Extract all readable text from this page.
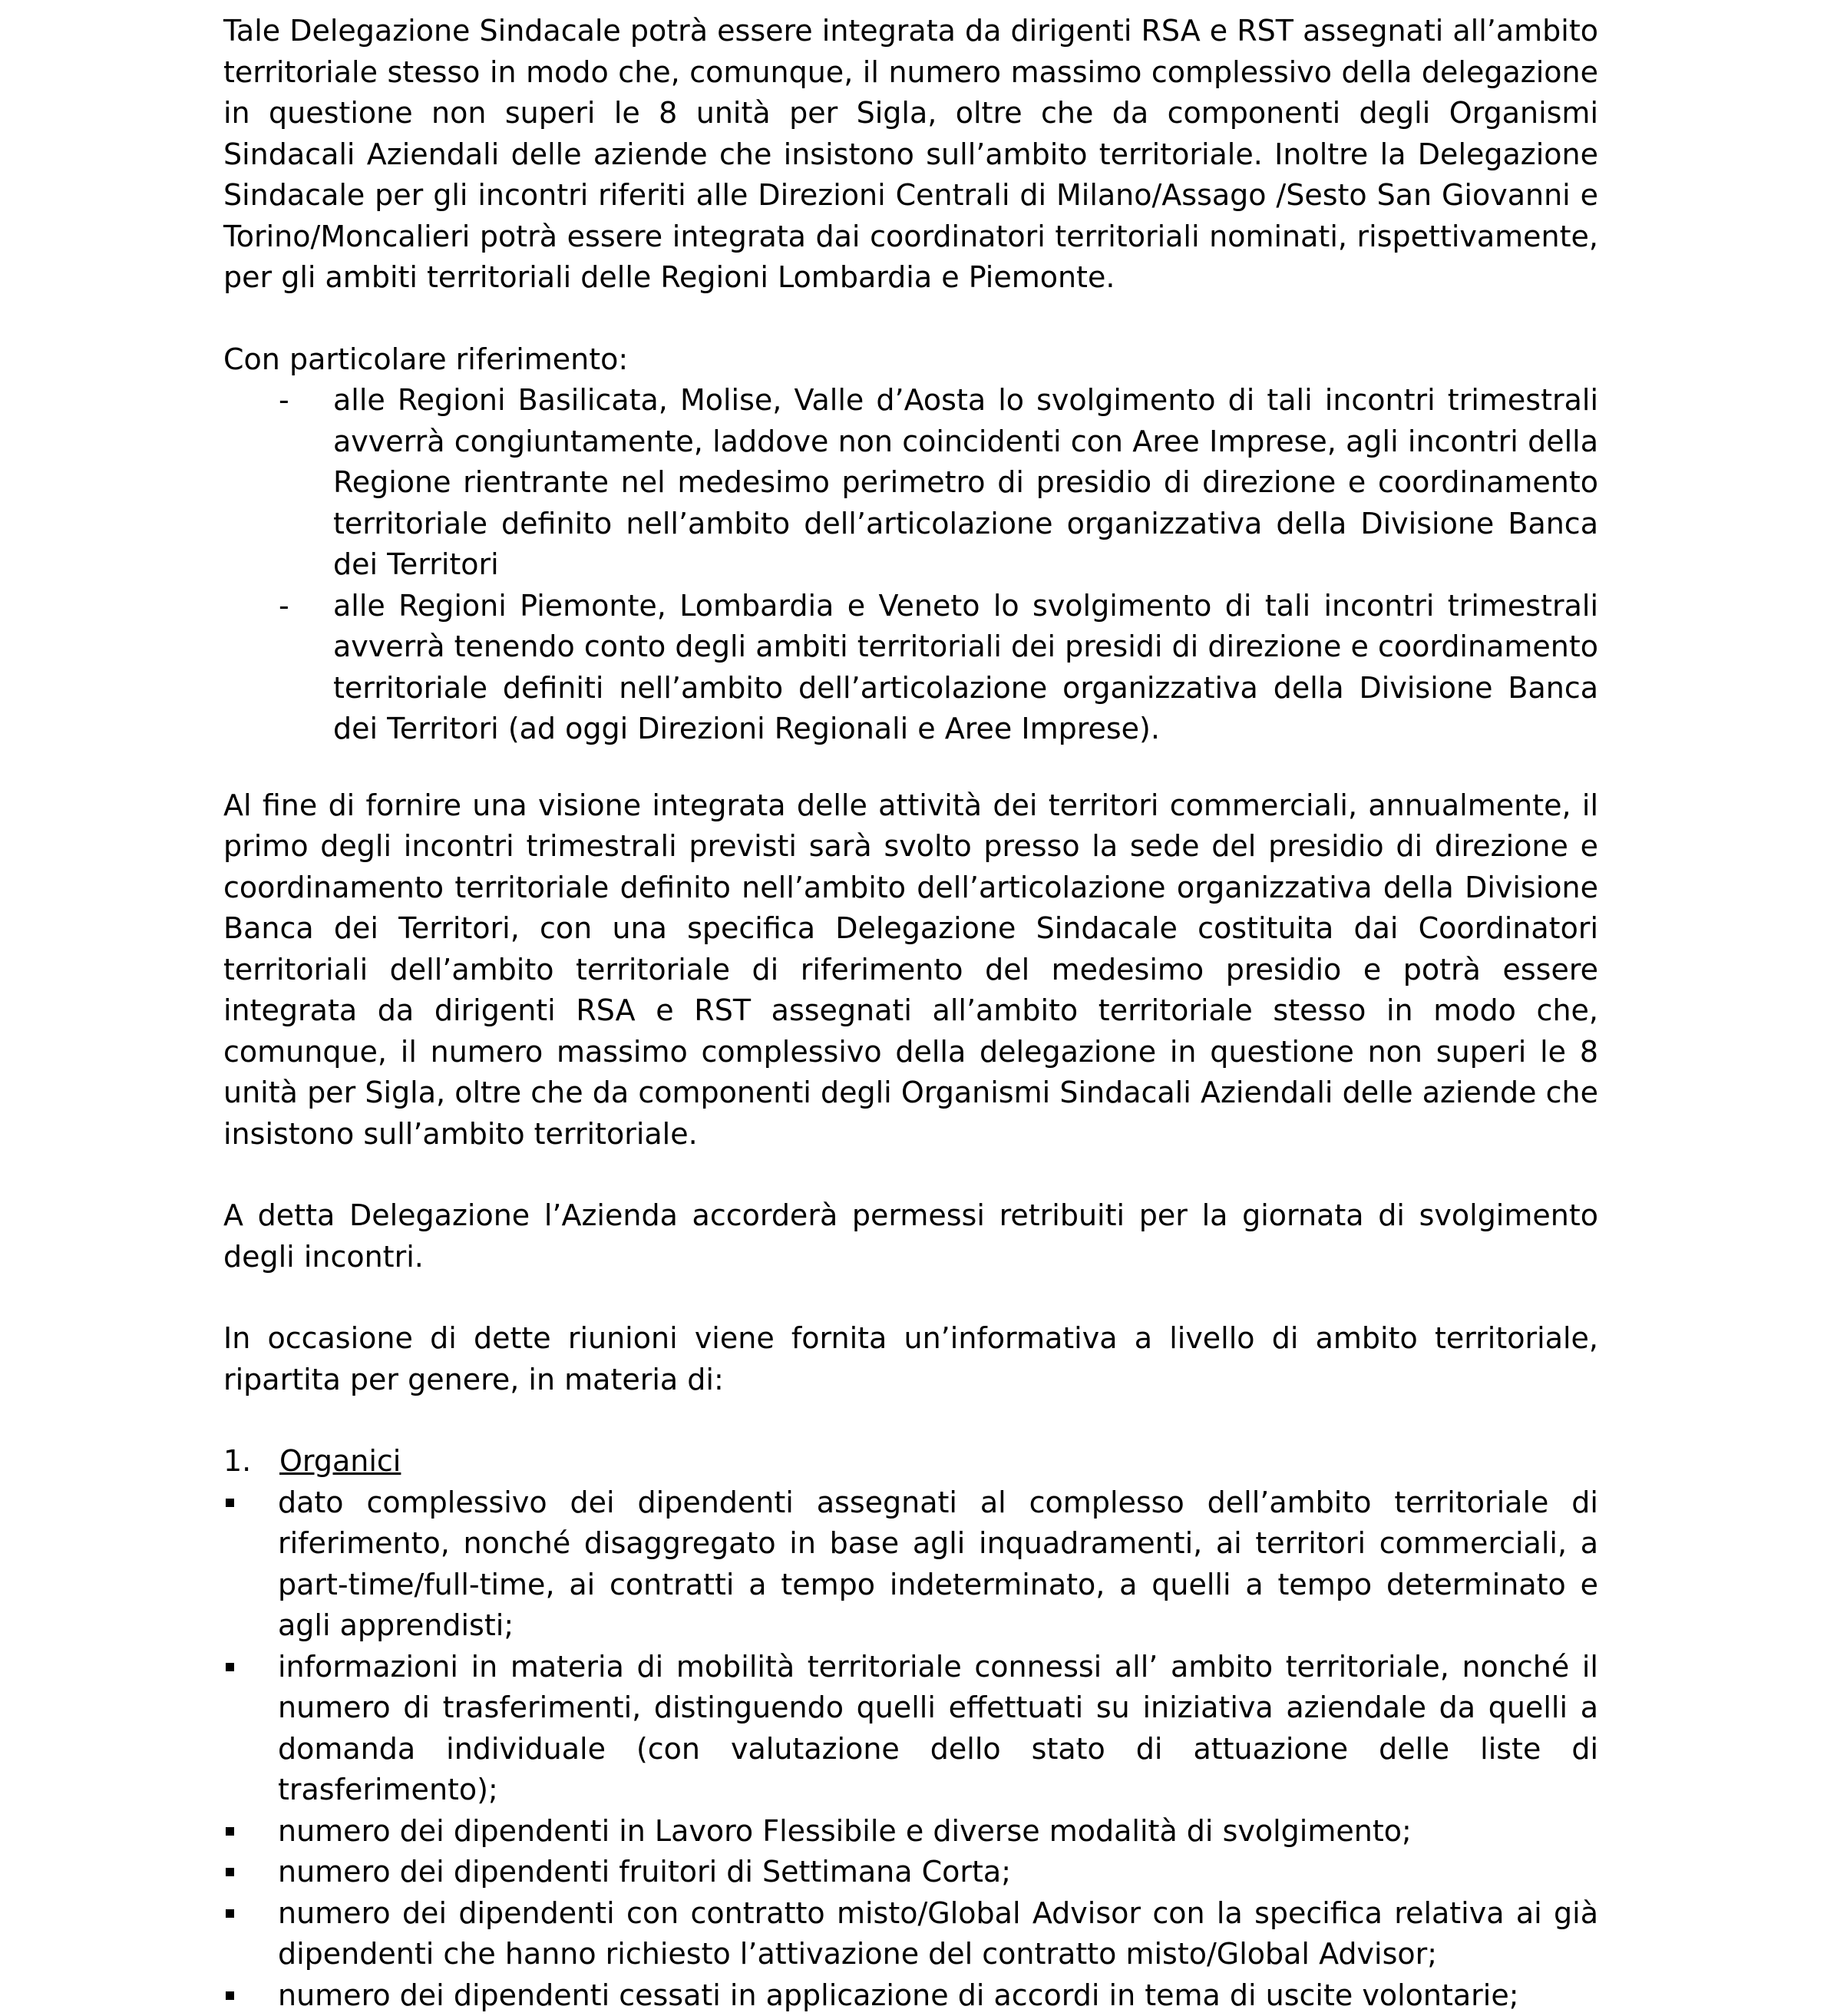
Tale Delegazione Sindacale potrà essere integrata da dirigenti RSA e RST assegnati all’ambito territoriale stesso in modo che, comunque, il numero massimo complessivo della delegazione in questione non superi le 8 unità per Sigla, oltre che da componenti degli Organismi Sindacali Aziendali delle aziende che insistono sull’ambito territoriale. Inoltre la Delegazione Sindacale per gli incontri riferiti alle Direzioni Centrali di Milano/Assago /Sesto San Giovanni e Torino/Moncalieri potrà essere integrata dai coordinatori territoriali nominati, rispettivamente, per gli ambiti territoriali delle Regioni Lombardia e Piemonte.

Con particolare riferimento:

- alle Regioni Basilicata, Molise, Valle d’Aosta lo svolgimento di tali incontri trimestrali avverrà congiuntamente, laddove non coincidenti con Aree Imprese, agli incontri della Regione rientrante nel medesimo perimetro di presidio di direzione e coordinamento territoriale definito nell’ambito dell’articolazione organizzativa della Divisione Banca dei Territori
- alle Regioni Piemonte, Lombardia e Veneto lo svolgimento di tali incontri trimestrali avverrà tenendo conto degli ambiti territoriali dei presidi di direzione e coordinamento territoriale definiti nell’ambito dell’articolazione organizzativa della Divisione Banca dei Territori (ad oggi Direzioni Regionali e Aree Imprese).

Al fine di fornire una visione integrata delle attività dei territori commerciali, annualmente, il primo degli incontri trimestrali previsti sarà svolto presso la sede del presidio di direzione e coordinamento territoriale definito nell’ambito dell’articolazione organizzativa della Divisione Banca dei Territori, con una specifica Delegazione Sindacale costituita dai Coordinatori territoriali dell’ambito territoriale di riferimento del medesimo presidio e potrà essere integrata da dirigenti RSA e RST assegnati all’ambito territoriale stesso in modo che, comunque, il numero massimo complessivo della delegazione in questione non superi le 8 unità per Sigla, oltre che da componenti degli Organismi Sindacali Aziendali delle aziende che insistono sull’ambito territoriale.

A detta Delegazione l’Azienda accorderà permessi retribuiti per la giornata di svolgimento degli incontri.

In occasione di dette riunioni viene fornita un’informativa a livello di ambito territoriale, ripartita per genere, in materia di:

1. Organici
dato complessivo dei dipendenti assegnati al complesso dell’ambito territoriale di riferimento, nonché disaggregato in base agli inquadramenti, ai territori commerciali, a part-time/full-time, ai contratti a tempo indeterminato, a quelli a tempo determinato e agli apprendisti;
informazioni in materia di mobilità territoriale connessi all’ ambito territoriale, nonché il numero di trasferimenti, distinguendo quelli effettuati su iniziativa aziendale da quelli a domanda individuale (con valutazione dello stato di attuazione delle liste di trasferimento);
numero dei dipendenti in Lavoro Flessibile e diverse modalità di svolgimento;
numero dei dipendenti fruitori di Settimana Corta;
numero dei dipendenti con contratto misto/Global Advisor con la specifica relativa ai già dipendenti che hanno richiesto l’attivazione del contratto misto/Global Advisor;
numero dei dipendenti cessati in applicazione di accordi in tema di uscite volontarie;
